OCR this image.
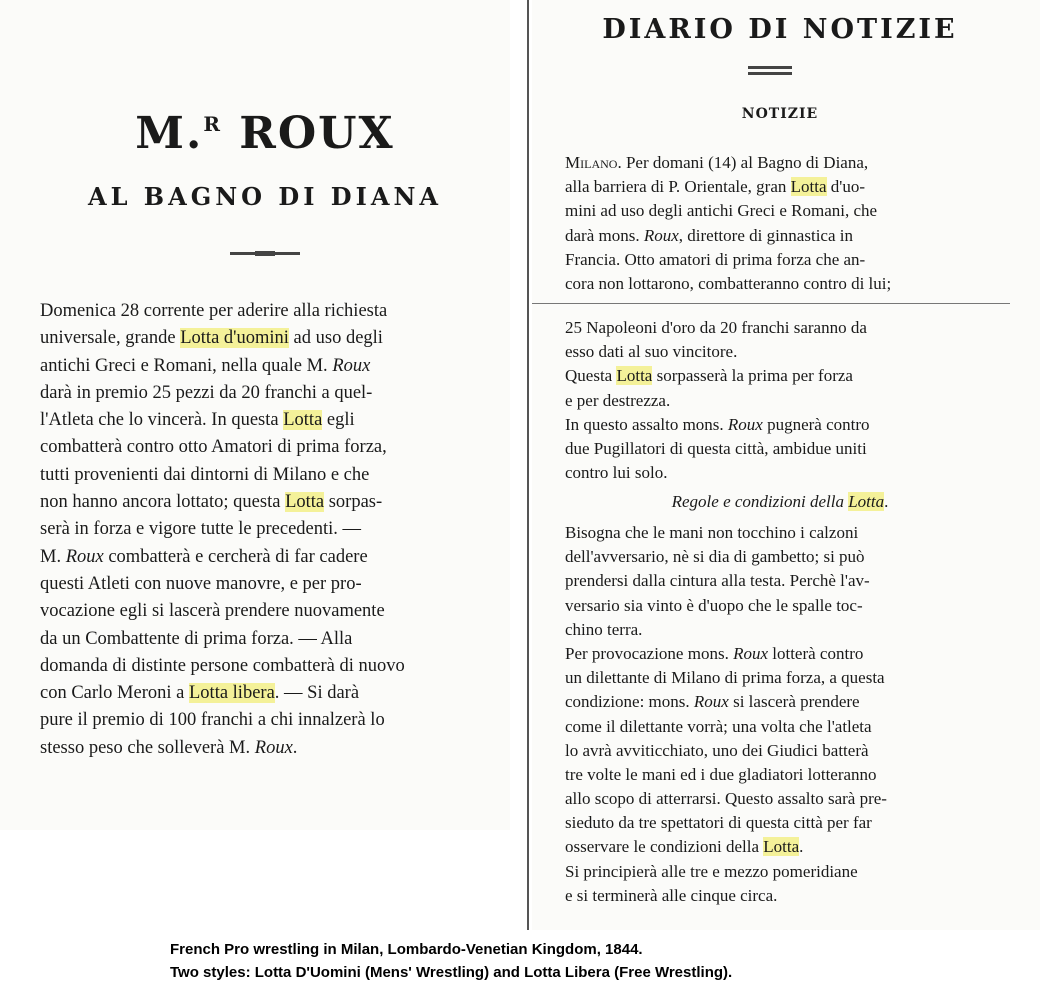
M.$^R$ ROUX
AL BAGNO DI DIANA
Domenica 28 corrente per aderire alla richiesta
universale, grande Lotta d'uomini ad uso degli
antichi Greci e Romani, nella quale M. Roux
darà in premio 25 pezzi da 20 franchi a quel-
l'Atleta che lo vincerà. In questa Lotta egli
combatterà contro otto Amatori di prima forza,
tutti provenienti dai dintorni di Milano e che
non hanno ancora lottato; questa Lotta sorpas-
serà in forza e vigore tutte le precedenti. —
M. Roux combatterà e cercherà di far cadere
questi Atleti con nuove manovre, e per pro-
vocazione egli si lascerà prendere nuovamente
da un Combattente di prima forza. — Alla
domanda di distinte persone combatterà di nuovo
con Carlo Meroni a Lotta libera. — Si darà
pure il premio di 100 franchi a chi innalzerà lo
stesso peso che solleverà M. Roux.
DIARIO DI NOTIZIE
NOTIZIE
Milano. Per domani (14) al Bagno di Diana,
alla barriera di P. Orientale, gran Lotta d'uo-
mini ad uso degli antichi Greci e Romani, che
darà mons. Roux, direttore di ginnastica in
Francia. Otto amatori di prima forza che an-
cora non lottarono, combatteranno contro di lui;
25 Napoleoni d'oro da 20 franchi saranno da
esso dati al suo vincitore.
Questa Lotta sorpasserà la prima per forza
e per destrezza.
In questo assalto mons. Roux pugnerà contro
due Pugillatori di questa città, ambidue uniti
contro lui solo.
Regole e condizioni della Lotta.
Bisogna che le mani non tocchino i calzoni
dell'avversario, nè si dia di gambetto; si può
prendersi dalla cintura alla testa. Perchè l'av-
versario sia vinto è d'uopo che le spalle toc-
chino terra.
Per provocazione mons. Roux lotterà contro
un dilettante di Milano di prima forza, a questa
condizione: mons. Roux si lascerà prendere
come il dilettante vorrà; una volta che l'atleta
lo avrà avviticchiato, uno dei Giudici batterà
tre volte le mani ed i due gladiatori lotteranno
allo scopo di atterrarsi. Questo assalto sarà pre-
sieduto da tre spettatori di questa città per far
osservare le condizioni della Lotta.
Si principierà alle tre e mezzo pomeridiane
e si terminerà alle cinque circa.
French Pro wrestling in Milan, Lombardo-Venetian Kingdom, 1844.
Two styles: Lotta D'Uomini (Mens' Wrestling) and Lotta Libera (Free Wrestling).
